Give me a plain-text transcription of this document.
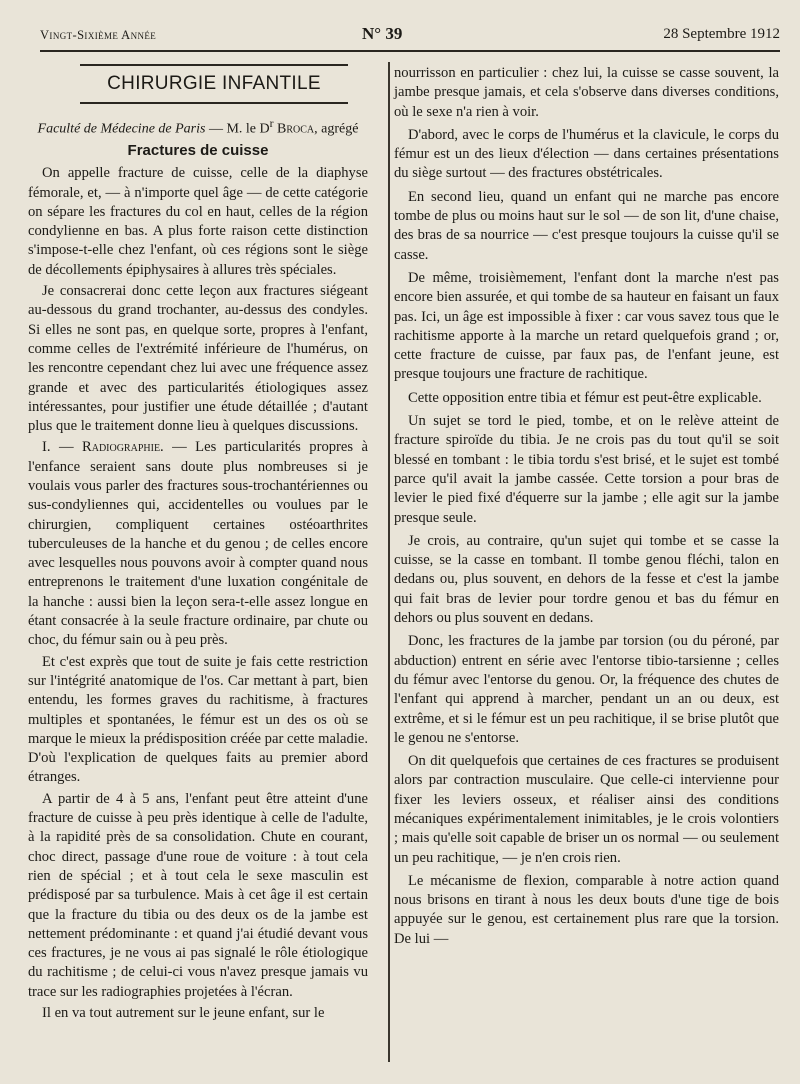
Vingt-Sixième Année	N° 39	28 Septembre 1912
CHIRURGIE INFANTILE
Faculté de Médecine de Paris — M. le $D^r$ Broca, agrégé
Fractures de cuisse

On appelle fracture de cuisse, celle de la diaphyse fémorale, et, — à n'importe quel âge — de cette catégorie on sépare les fractures du col en haut, celles de la région condylienne en bas. A plus forte raison cette distinction s'impose-t-elle chez l'enfant, où ces régions sont le siège de décollements épiphysaires à allures très spéciales.

Je consacrerai donc cette leçon aux fractures siégeant au-dessous du grand trochanter, au-dessus des condyles. Si elles ne sont pas, en quelque sorte, propres à l'enfant, comme celles de l'extrémité inférieure de l'humérus, on les rencontre cependant chez lui avec une fréquence assez grande et avec des particularités étiologiques assez intéressantes, pour justifier une étude détaillée ; d'autant plus que le traitement donne lieu à quelques discussions.

I. — Radiographie. — Les particularités propres à l'enfance seraient sans doute plus nombreuses si je voulais vous parler des fractures sous-trochantériennes ou sus-condyliennes qui, accidentelles ou voulues par le chirurgien, compliquent certaines ostéoarthrites tuberculeuses de la hanche et du genou ; de celles encore avec lesquelles nous pouvons avoir à compter quand nous entreprenons le traitement d'une luxation congénitale de la hanche : aussi bien la leçon sera-t-elle assez longue en étant consacrée à la seule fracture ordinaire, par chute ou choc, du fémur sain ou à peu près.

Et c'est exprès que tout de suite je fais cette restriction sur l'intégrité anatomique de l'os. Car mettant à part, bien entendu, les formes graves du rachitisme, à fractures multiples et spontanées, le fémur est un des os où se marque le mieux la prédisposition créée par cette maladie. D'où l'explication de quelques faits au premier abord étranges.

A partir de 4 à 5 ans, l'enfant peut être atteint d'une fracture de cuisse à peu près identique à celle de l'adulte, à la rapidité près de sa consolidation. Chute en courant, choc direct, passage d'une roue de voiture : à tout cela rien de spécial ; et à tout cela le sexe masculin est prédisposé par sa turbulence. Mais à cet âge il est certain que la fracture du tibia ou des deux os de la jambe est nettement prédominante : et quand j'ai étudié devant vous ces fractures, je ne vous ai pas signalé le rôle étiologique du rachitisme ; de celui-ci vous n'avez presque jamais vu trace sur les radiographies projetées à l'écran.

Il en va tout autrement sur le jeune enfant, sur le

nourrisson en particulier : chez lui, la cuisse se casse souvent, la jambe presque jamais, et cela s'observe dans diverses conditions, où le sexe n'a rien à voir.

D'abord, avec le corps de l'humérus et la clavicule, le corps du fémur est un des lieux d'élection — dans certaines présentations du siège surtout — des fractures obstétricales.

En second lieu, quand un enfant qui ne marche pas encore tombe de plus ou moins haut sur le sol — de son lit, d'une chaise, des bras de sa nourrice — c'est presque toujours la cuisse qu'il se casse.

De même, troisièmement, l'enfant dont la marche n'est pas encore bien assurée, et qui tombe de sa hauteur en faisant un faux pas. Ici, un âge est impossible à fixer : car vous savez tous que le rachitisme apporte à la marche un retard quelquefois grand ; or, cette fracture de cuisse, par faux pas, de l'enfant jeune, est presque toujours une fracture de rachitique.

Cette opposition entre tibia et fémur est peut-être explicable.

Un sujet se tord le pied, tombe, et on le relève atteint de fracture spiroïde du tibia. Je ne crois pas du tout qu'il se soit blessé en tombant : le tibia tordu s'est brisé, et le sujet est tombé parce qu'il avait la jambe cassée. Cette torsion a pour bras de levier le pied fixé d'équerre sur la jambe ; elle agit sur la jambe presque seule.

Je crois, au contraire, qu'un sujet qui tombe et se casse la cuisse, se la casse en tombant. Il tombe genou fléchi, talon en dedans ou, plus souvent, en dehors de la fesse et c'est la jambe qui fait bras de levier pour tordre genou et bas du fémur en dehors ou plus souvent en dedans.

Donc, les fractures de la jambe par torsion (ou du péroné, par abduction) entrent en série avec l'entorse tibio-tarsienne ; celles du fémur avec l'entorse du genou. Or, la fréquence des chutes de l'enfant qui apprend à marcher, pendant un an ou deux, est extrême, et si le fémur est un peu rachitique, il se brise plutôt que le genou ne s'entorse.

On dit quelquefois que certaines de ces fractures se produisent alors par contraction musculaire. Que celle-ci intervienne pour fixer les leviers osseux, et réaliser ainsi des conditions mécaniques expérimentalement inimitables, je le crois volontiers ; mais qu'elle soit capable de briser un os normal — ou seulement un peu rachitique, — je n'en crois rien.

Le mécanisme de flexion, comparable à notre action quand nous brisons en tirant à nous les deux bouts d'une tige de bois appuyée sur le genou, est certainement plus rare que la torsion. De lui —
